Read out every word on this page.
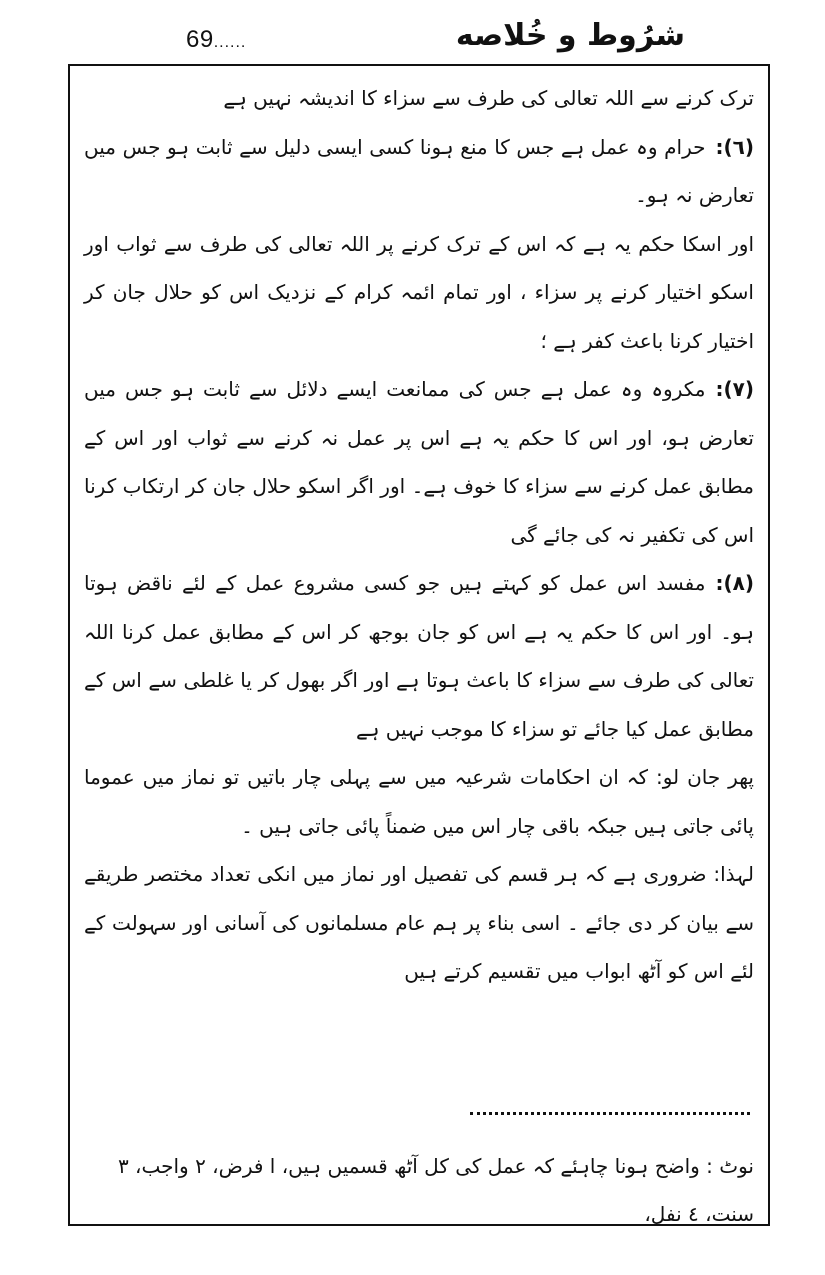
69......	شرُوط و خُلاصه

ترک کرنے سے اللہ تعالی کی طرف سے سزاء کا اندیشہ نہیں ہے

(٦):حرام وہ عمل ہے جس کا منع ہونا کسی ایسی دلیل سے ثابت ہو جس میں تعارض نہ ہو۔

اور اسکا حکم یہ ہے کہ اس کے ترک کرنے پر اللہ تعالی کی طرف سے ثواب اور اسکو اختیار کرنے پر سزاء ، اور تمام ائمہ کرام کے نزدیک اس کو حلال جان کر اختیار کرنا باعث کفر ہے ؛

(٧):مکروہ وہ عمل ہے جس کی ممانعت ایسے دلائل سے ثابت ہو جس میں تعارض ہو، اور اس کا حکم یہ ہے اس پر عمل نہ کرنے سے ثواب اور اس کے مطابق عمل کرنے سے سزاء کا خوف ہے۔ اور اگر اسکو حلال جان کر ارتکاب کرنا اس کی تکفیر نہ کی جائے گی

(٨):مفسد اس عمل کو کہتے ہیں جو کسی مشروع عمل کے لئے ناقض ہوتا ہو۔ اور اس کا حکم یہ ہے اس کو جان بوجھ کر اس کے مطابق عمل کرنا اللہ تعالی کی طرف سے سزاء کا باعث ہوتا ہے اور اگر بھول کر یا غلطی سے اس کے مطابق عمل کیا جائے تو سزاء کا موجب نہیں ہے

پھر جان لو: کہ ان احکامات شرعیہ میں سے پہلی چار باتیں تو نماز میں عموما پائی جاتی ہیں جبکہ باقی چار اس میں ضمناً پائی جاتی ہیں ۔

لہذا: ضروری ہے کہ ہر قسم کی تفصیل اور نماز میں انکی تعداد مختصر طریقے سے بیان کر دی جائے ۔ اسی بناء پر ہم عام مسلمانوں کی آسانی اور سہولت کے لئے اس کو آٹھ ابواب میں تقسیم کرتے ہیں

نوٹ : واضح ہونا چاہئے کہ عمل کی کل آٹھ قسمیں ہیں، ا فرض، ٢ واجب، ٣ سنت، ٤ نفل،
